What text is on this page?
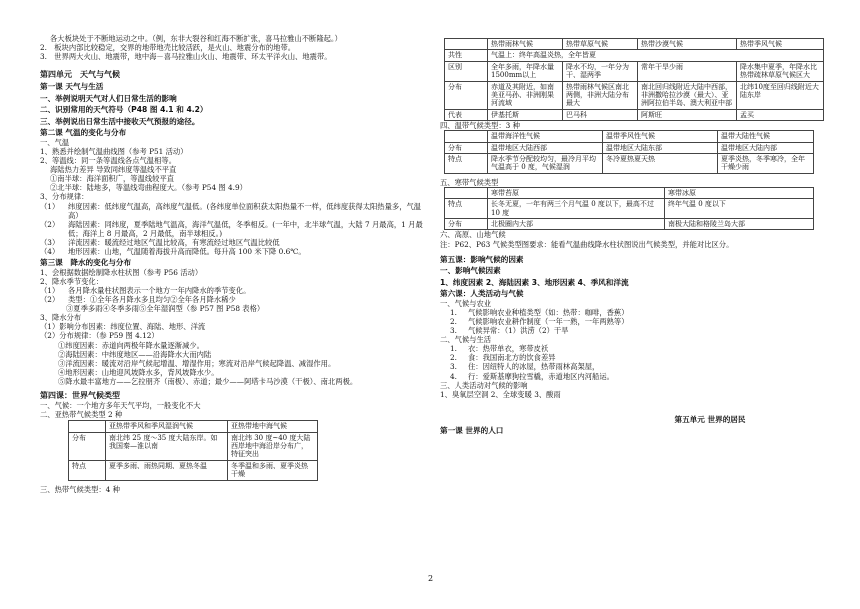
各大板块处于不断地运动之中。（例，东非大裂谷和红海不断扩张，喜马拉雅山不断隆起。）
2.　板块内部比较稳定，交界的地带地壳比较活跃，是火山、地震分布的地带。
3.　世界两大火山、地震带，地中海－喜马拉雅山火山、地震带、环太平洋火山、地震带。
第四单元　天气与气候
第一课 天气与生活
一、举例说明天气对人们日常生活的影响
二、识别常用的天气符号（P48 图 4.1 和 4.2）
三、举例说出日常生活中接收天气预报的途径。
第二课 气温的变化与分布
一、气温
1、熟悉并绘制气温曲线图（参考 P51 活动）
2、等温线：同一条等温线各点气温相等。
海陆热力差异 导致同纬度等温线不平直
①南半球：海洋面积广，等温线较平直
②北半球：陆地多，等温线弯曲程度大。（参考 P54 图 4.9）
3、分布规律：
（1）	纬度因素：低纬度气温高，高纬度气温低。(各纬度单位面积获太阳热量不一样，低纬度获得太阳热量多，气温高）
（2）	海陆因素：同纬度，夏季陆地气温高，海洋气温低，冬季相反。(一年中，北半球气温，大陆 7 月最高，1 月最低；海洋上 8 月最高，2 月最低，南半球相反。)
（3）	洋流因素：暖流经过地区气温比较高，有寒流经过地区气温比较低
（4）	地形因素：山地，气温随着海拔升高而降低。每升高 100 米下降 0.6℃。
第三课　降水的变化与分布
1、会根据数据绘制降水柱状图（参考 P56 活动）
2、降水季节变化：
（1）	各月降水量柱状图表示一个地方一年内降水的季节变化。
（2）	类型：①全年各月降水多且均匀②全年各月降水稀少
③夏季多雨④冬季多雨⑤全年湿润型（参 P57 图 P58 表格）
3、降水分布
（1）影响分布因素：纬度位置、海陆、地形、洋流
（2）分布规律：（参 P59 图 4.12）
①纬度因素：赤道向两极年降水量逐渐减少。
②海陆因素：中纬度地区——沿海降水大而内陆
③洋流因素：暖流对沿岸气候起增温、增湿作用；寒流对沿岸气候起降温、减湿作用。
④地形因素：山地迎风坡降水多，背风坡降水少。
⑤降水最丰富地方——乞拉朋齐（南极）、赤道；最少——阿塔卡马沙漠（干极）、南北两极。
第四课：世界气候类型
一、气候：一个地方多年天气平均，一般变化不大
二、亚热带气候类型 2 种
	亚热带季风和季风湿润气候	亚热带地中海气候
分布	南北纬 25 度～35 度大陆东岸。如我国秦—淮以南	南北纬 30 度~40 度大陆西岸地中海沿岸分布广，特征突出
特点	夏季多雨、雨热同期、夏热冬温	冬季温和多雨、夏季炎热干燥
三、热带气候类型：4 种
	热带雨林气候	热带草原气候	热带沙漠气候	热带季风气候
共性	气温上：终年高温炎热，全年皆夏			
区别	全年多雨，年降水量1500mm以上	降水不均，一年分为干、湿两季	常年干旱少雨	降水集中夏季，年降水比热带疏林草原气候区大
分布	赤道及其附近，如南美亚马孙、非洲刚果河流域	热带雨林气候区南北两侧，非洲大陆分布最大	南北回归线附近大陆中西部，非洲撒哈拉沙漠（最大）、亚洲阿拉伯半岛、澳大利亚中部	北纬10度至回归线附近大陆东岸
代表	伊基托斯	巴马科	阿斯旺	孟买
四、温带气候类型：3 种
	温带海洋性气候	温带季风性气候	温带大陆性气候
分布	温带地区大陆西部	温带地区大陆东部	温带地区大陆内部
特点	降水季节分配较均匀，最冷月平均气温高于 0 度，气候湿润	冬冷夏热夏天热	夏季炎热，冬季寒冷，全年干燥少雨
五、寒带气候类型
	寒带苔原	寒带冰原
特点	长冬无夏，一年有两三个月气温 0 度以下，最高不过 10 度	终年气温 0 度以下
分布	北极圈内大部	南极大陆和格陵兰岛大部
六、高原、山地气候
注：P62、P63 气候类型图要求：能看气温曲线降水柱状图说出气候类型，并能对比区分。
第五课：影响气候的因素
一、影响气候因素
1、纬度因素 2、海陆因素 3、地形因素 4、季风和洋流
第六课：人类活动与气候
一、气候与农业
1.	气候影响农业种植类型（如：热带：咖啡，香蕉）
2.	气候影响农业耕作制度（一年一熟，一年两熟等）
3.	气候异常：（1）洪涝（2）干旱
二、气候与生活
1.	衣：热带单衣，寒带皮袄
2.	食：我国南北方的饮食差异
3.	住：因纽特人的冰屋，热带雨林高架屋，
4.	行：爱斯基摩狗拉雪橇，赤道地区内河船运。
三、人类活动对气候的影响
1、臭氧层空洞 2、全球变暖 3、酸雨
第五单元 世界的居民
第一课 世界的人口
2
